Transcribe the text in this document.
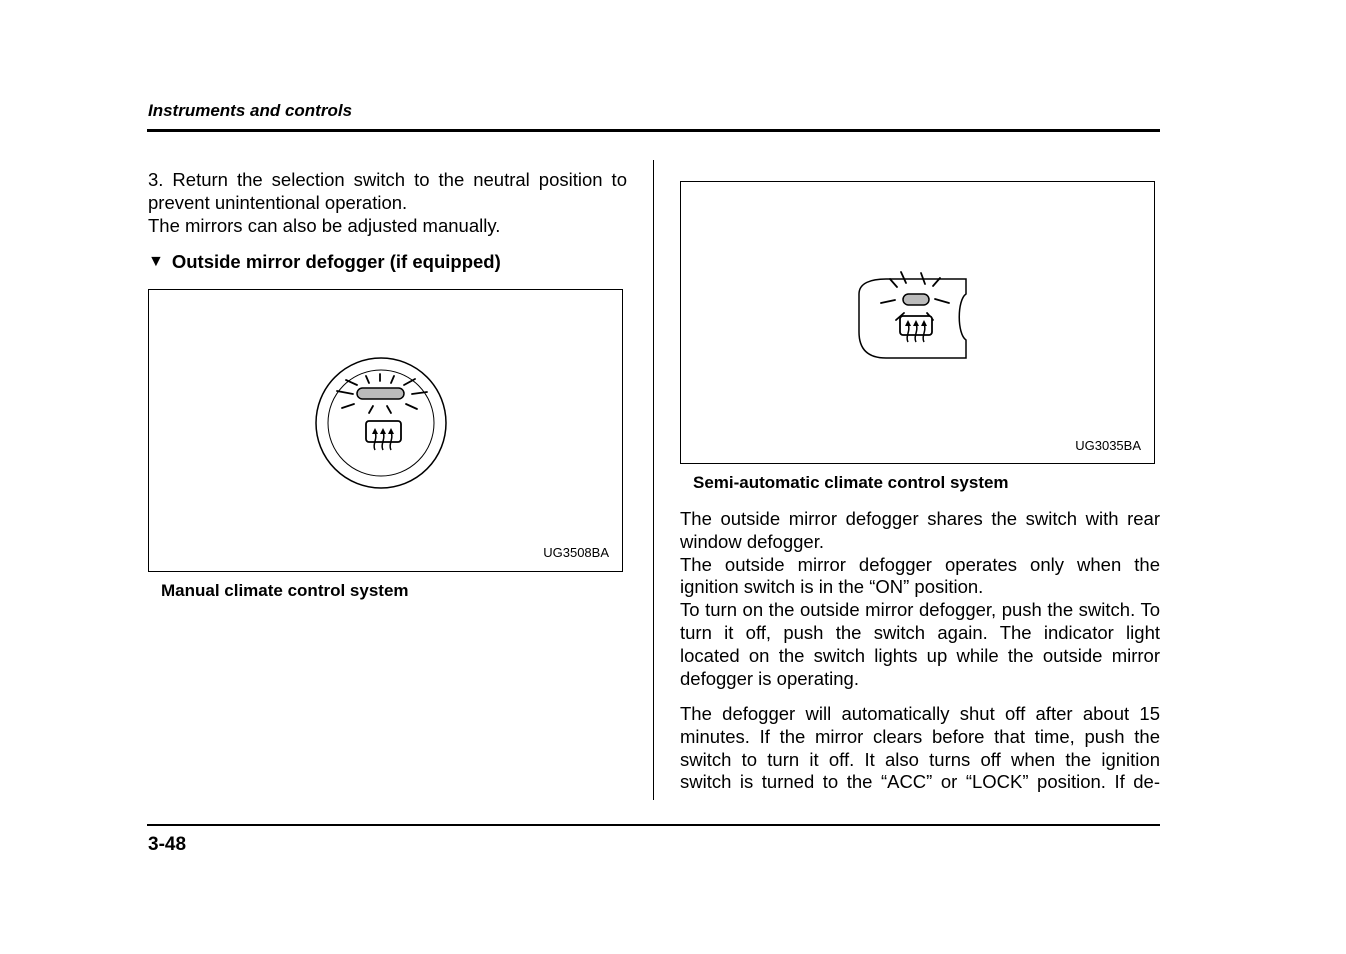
Instruments and controls

3. Return the selection switch to the neutral position to prevent unintentional operation.

The mirrors can also be adjusted manually.

▼ Outside mirror defogger (if equipped)
UG3508BA
Manual climate control system
UG3035BA
Semi-automatic climate control system

The outside mirror defogger shares the switch with rear window defogger.

The outside mirror defogger operates only when the ignition switch is in the “ON” position.

To turn on the outside mirror defogger, push the switch. To turn it off, push the switch again. The indicator light located on the switch lights up while the outside mirror defogger is operating.

The defogger will automatically shut off after about 15 minutes. If the mirror clears before that time, push the switch to turn it off. It also turns off when the ignition switch is turned to the “ACC” or “LOCK” position. If de-

3-48
